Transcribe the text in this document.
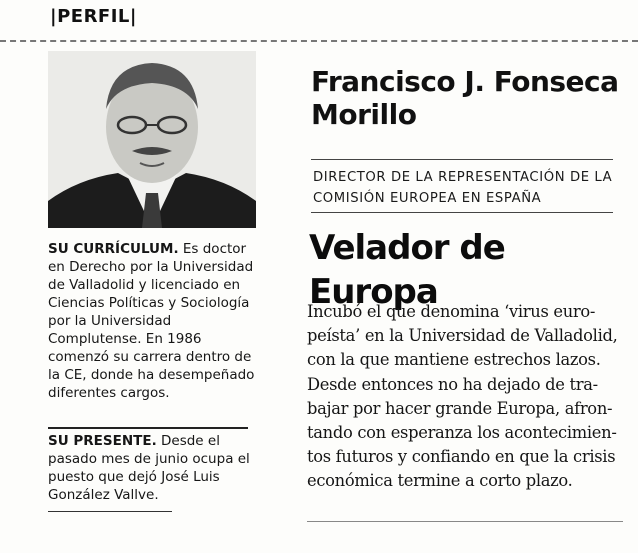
|PERFIL|
SU CURRÍCULUM. Es doctor en Derecho por la Universidad de Valladolid y licenciado en Ciencias Políticas y Sociología por la Universidad Complutense. En 1986 comenzó su carrera dentro de la CE, donde ha desempeñado diferentes cargos.
SU PRESENTE. Desde el pasado mes de junio ocupa el puesto que dejó José Luis González Vallve.
Francisco J. Fonseca Morillo
DIRECTOR DE LA REPRESENTACIÓN DE LA COMISIÓN EUROPEA EN ESPAÑA
Velador de Europa
Incubó el que denomina ‘virus euro-
peísta’ en la Universidad de Valladolid,
con la que mantiene estrechos lazos.
Desde entonces no ha dejado de tra-
bajar por hacer grande Europa, afron-
tando con esperanza los acontecimien-
tos futuros y confiando en que la crisis
económica termine a corto plazo.
